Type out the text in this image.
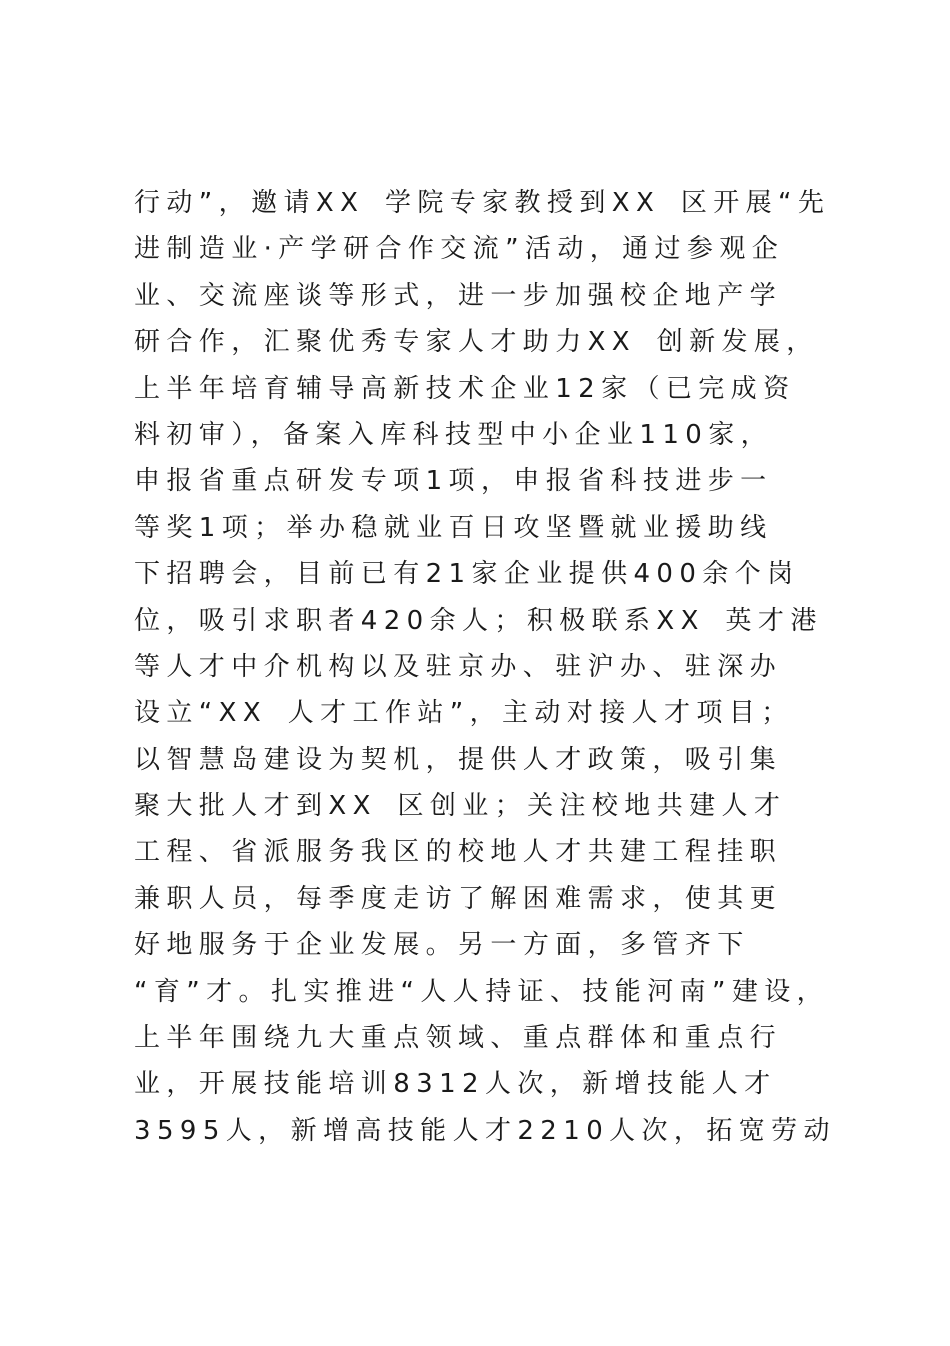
行动”，邀请XX 学院专家教授到XX 区开展“先
进制造业·产学研合作交流”活动，通过参观企
业、交流座谈等形式，进一步加强校企地产学
研合作，汇聚优秀专家人才助力XX 创新发展，
上半年培育辅导高新技术企业12家（已完成资
料初审），备案入库科技型中小企业110家，
申报省重点研发专项1项，申报省科技进步一
等奖1项；举办稳就业百日攻坚暨就业援助线
下招聘会，目前已有21家企业提供400余个岗
位，吸引求职者420余人；积极联系XX 英才港
等人才中介机构以及驻京办、驻沪办、驻深办
设立“XX 人才工作站”，主动对接人才项目；
以智慧岛建设为契机，提供人才政策，吸引集
聚大批人才到XX 区创业；关注校地共建人才
工程、省派服务我区的校地人才共建工程挂职
兼职人员，每季度走访了解困难需求，使其更
好地服务于企业发展。另一方面，多管齐下
“育”才。扎实推进“人人持证、技能河南”建设，
上半年围绕九大重点领域、重点群体和重点行
业，开展技能培训8312人次，新增技能人才
3595人，新增高技能人才2210人次，拓宽劳动
